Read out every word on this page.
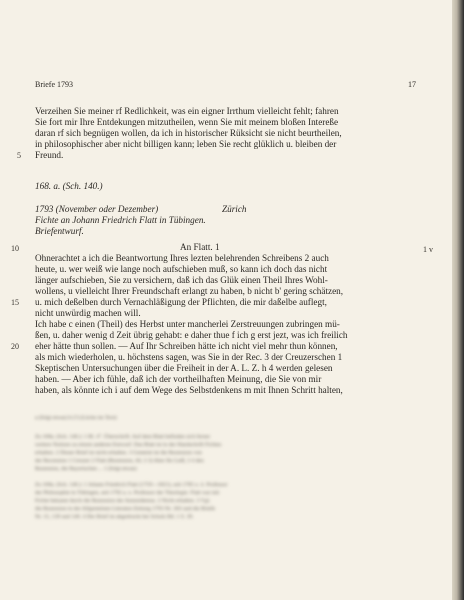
Briefe 1793	17
Verzeihen Sie meiner rf Redlichkeit, was ein eigner Irrthum vielleicht fehlt; fahren
Sie fort mir Ihre Entdekungen mitzutheilen, wenn Sie mit meinem bloßen Intereße
daran rf sich begnügen wollen, da ich in historischer Rüksicht sie nicht beurtheilen,
in philosophischer aber nicht billigen kann; leben Sie recht glüklich u. bleiben der
Freund.
5
168. a. (Sch. 140.)
1793 (November oder Dezember)	Zürich
Fichte an Johann Friedrich Flatt in Tübingen.
Briefentwurf.
10	An Flatt. 1	1 v
Ohnerachtet a ich die Beantwortung Ihres lezten belehrenden Schreibens 2 auch
heute, u. wer weiß wie lange noch aufschieben muß, so kann ich doch das nicht
länger aufschieben, Sie zu versichern, daß ich das Glük einen Theil Ihres Wohl-
wollens, u vielleicht Ihrer Freundschaft erlangt zu haben, b nicht b' gering schätzen,
u. mich deßelben durch Vernachläßigung der Pflichten, die mir daßelbe auflegt,
nicht unwürdig machen will.
Ich habe c einen (Theil) des Herbst unter mancherlei Zerstreuungen zubringen mü-
ßen, u. daher wenig d Zeit übrig gehabt: e daher thue f ich g erst jezt, was ich freilich
eher hätte thun sollen. — Auf Ihr Schreiben hätte ich nicht viel mehr thun können,
als mich wiederholen, u. höchstens sagen, was Sie in der Rec. 3 der Creuzerschen 1
Skeptischen Untersuchungen über die Freiheit in der A. L. Z. h 4 werden gelesen
haben. — Aber ich fühle, daß ich der vortheilhaften Meinung, die Sie von mir
haben, als könnte ich i auf dem Wege des Selbstdenkens m mit Ihnen Schritt halten,
15
20
a (folgt etwas) b (?) (Lücke im Text)
Zu 168a. (Sch. 140.): 1 Bl. 4°. Überschrift. Auf dem Blatt befinden sich ferner
weitere Notizen zu einem anderen Entwurf. Das Blatt ist in der Handschrift Fichtes
erhalten. 2 Dieser Brief ist nicht erhalten. 3 Gemeint ist die Rezension von
der Recension 1 Creuzer 2 Flatt (Rezension, AL 3 3) Aber Ihr Ließ, 3 4 den
Rezension, die Bayerischen ... 1 (folgt etwas)
Zu 168a. (Sch. 140.): 1 Johann Friedrich Flatt (1759—1821), seit 1785 o. ö. Professor
der Philosophie in Tübingen, seit 1792 a. o. Professor der Theologie. Flatt war mit
Fichte bekannt durch die Rezension der Aenesidemus. 2 Nicht erhalten. 3 Vgl.
die Rezension in der Allgemeinen Literatur-Zeitung 1793 Nr. 303 und die Briefe
Nr. 15, 139 und 140. 4 Der Brief ist abgedruckt bei Schulz Bd. 1 S. 39.
